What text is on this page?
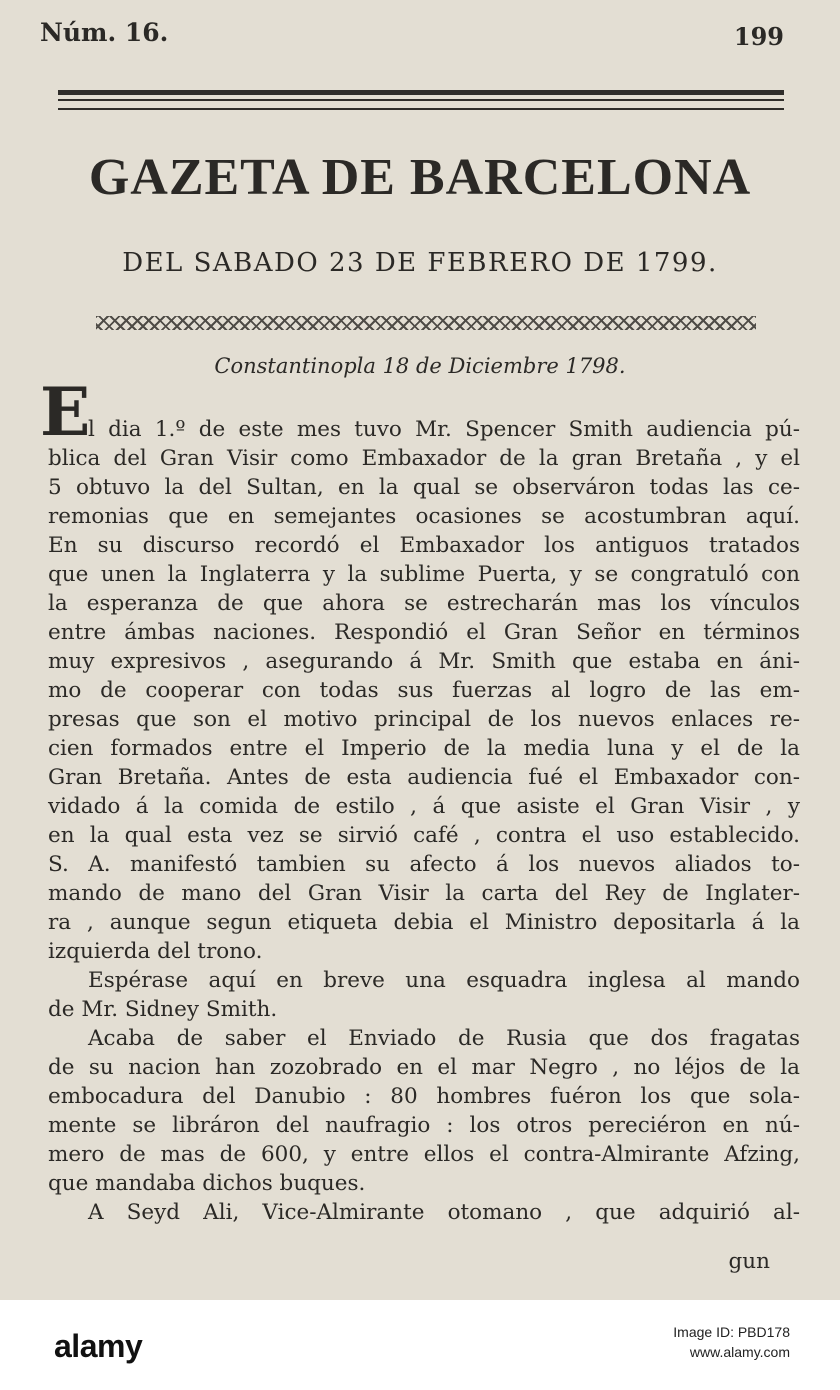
Núm. 16.	199
GAZETA DE BARCELONA
DEL SABADO 23 DE FEBRERO DE 1799.
Constantinopla 18 de Diciembre 1798.
E
l dia 1.º de este mes tuvo Mr. Spencer Smith audiencia pú-
blica del Gran Visir como Embaxador de la gran Bretaña , y el
5 obtuvo la del Sultan, en la qual se observáron todas las ce-
remonias que en semejantes ocasiones se acostumbran aquí.
En su discurso recordó el Embaxador los antiguos tratados
que unen la Inglaterra y la sublime Puerta, y se congratuló con
la esperanza de que ahora se estrecharán mas los vínculos
entre ámbas naciones. Respondió el Gran Señor en términos
muy expresivos , asegurando á Mr. Smith que estaba en áni-
mo de cooperar con todas sus fuerzas al logro de las em-
presas que son el motivo principal de los nuevos enlaces re-
cien formados entre el Imperio de la media luna y el de la
Gran Bretaña. Antes de esta audiencia fué el Embaxador con-
vidado á la comida de estilo , á que asiste el Gran Visir , y
en la qual esta vez se sirvió café , contra el uso establecido.
S. A. manifestó tambien su afecto á los nuevos aliados to-
mando de mano del Gran Visir la carta del Rey de Inglater-
ra , aunque segun etiqueta debia el Ministro depositarla á la
izquierda del trono.
Espérase aquí en breve una esquadra inglesa al mando
de Mr. Sidney Smith.
Acaba de saber el Enviado de Rusia que dos fragatas
de su nacion han zozobrado en el mar Negro , no léjos de la
embocadura del Danubio : 80 hombres fuéron los que sola-
mente se libráron del naufragio : los otros pereciéron en nú-
mero de mas de 600, y entre ellos el contra-Almirante Afzing,
que mandaba dichos buques.
A Seyd Ali, Vice-Almirante otomano , que adquirió al-
gun
alamy	Image ID: PBD178
www.alamy.com
